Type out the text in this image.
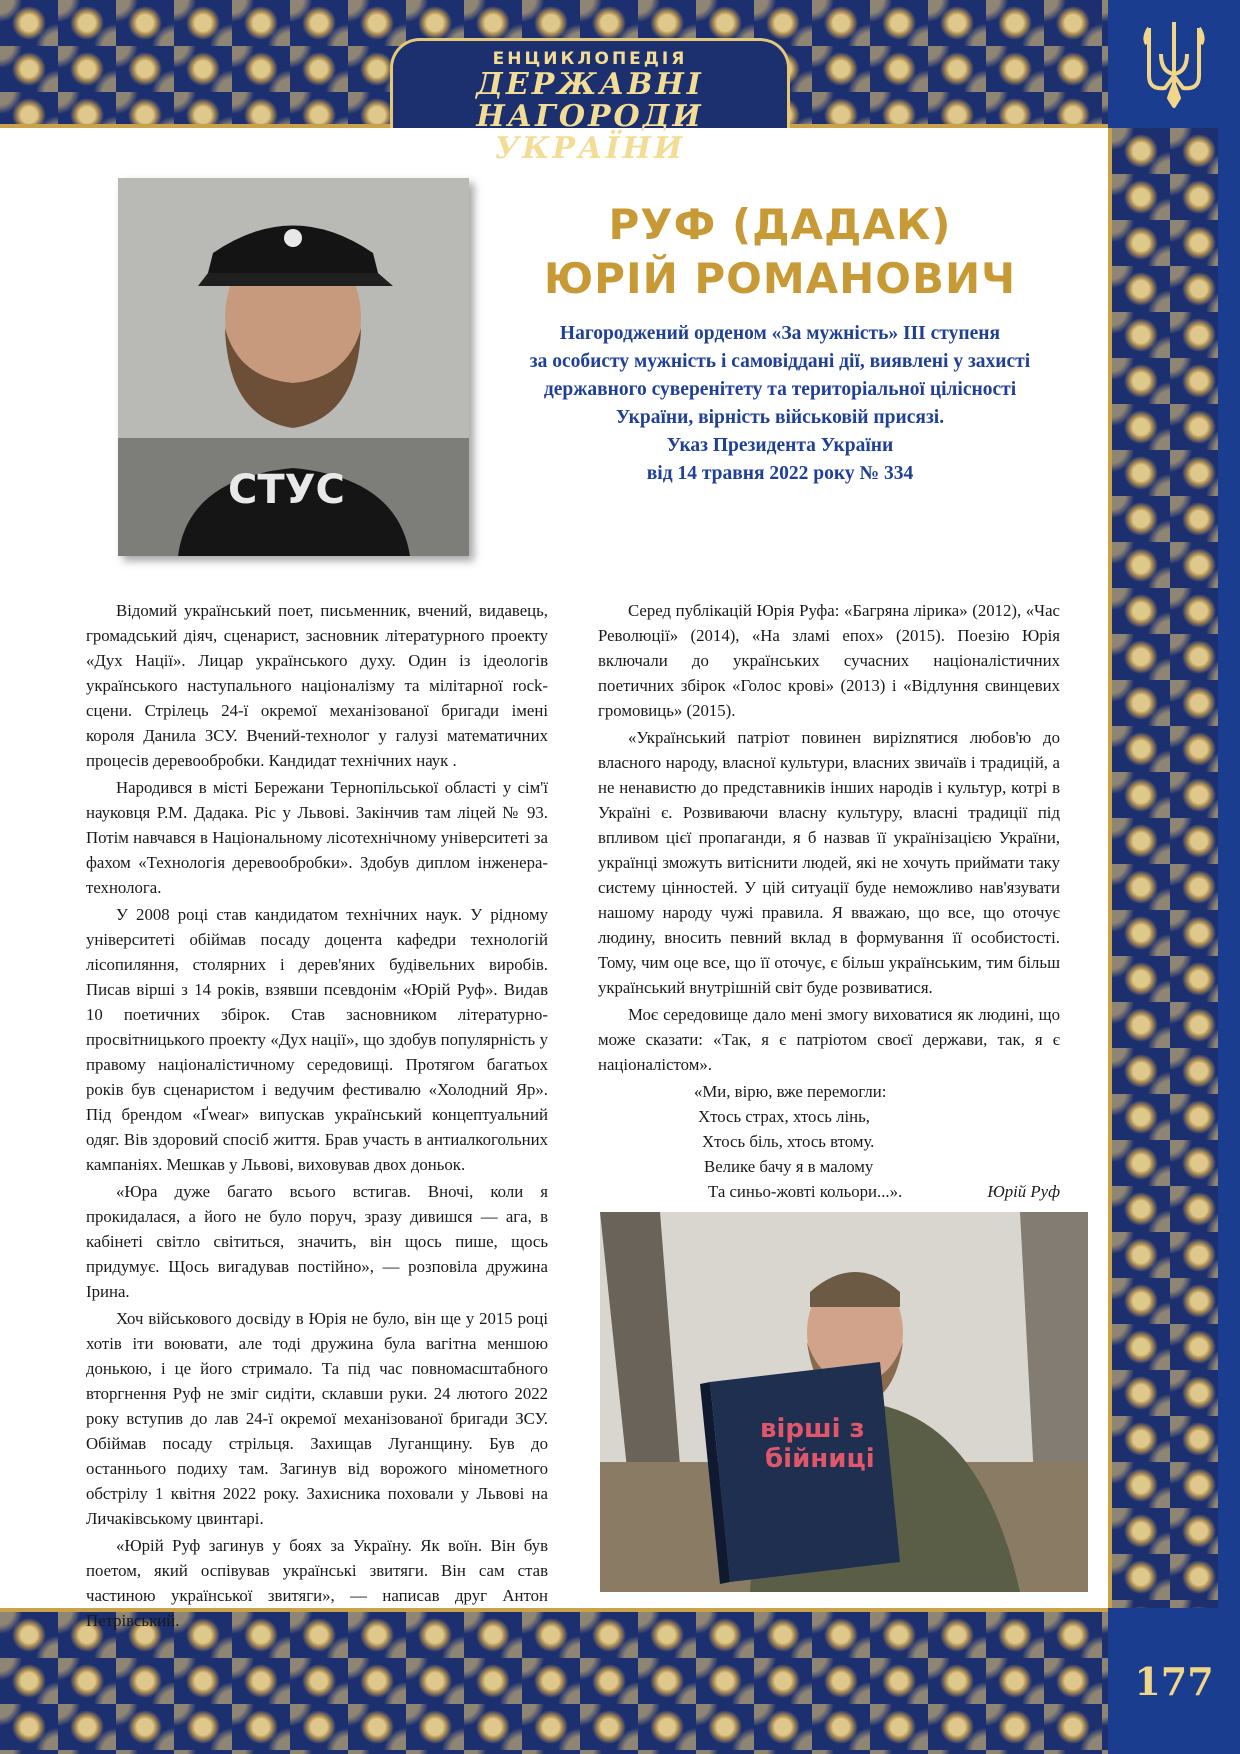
ЕНЦИКЛОПЕДІЯ
ДЕРЖАВНІ НАГОРОДИ
УКРАЇНИ
СТУС
РУФ (ДАДАК)
ЮРІЙ РОМАНОВИЧ
Нагороджений орденом «За мужність» ІІІ ступеня
за особисту мужність і самовіддані дії, виявлені у захисті
державного суверенітету та територіальної цілісності
України, вірність військовій присязі.
Указ Президента України
від 14 травня 2022 року № 334

Відомий український поет, письменник, вчений, видавець, громадський діяч, сценарист, засновник літературного проекту «Дух Нації». Лицар українського духу. Один із ідеологів українського наступального націоналізму та мілітарної rock-сцени. Стрілець 24-ї окремої механізованої бригади імені короля Данила ЗСУ. Вчений-технолог у галузі математичних процесів деревообробки. Кандидат технічних наук .

Народився в місті Бережани Тернопільської області у сім'ї науковця Р.М. Дадака. Ріс у Львові. Закінчив там ліцей № 93. Потім навчався в Національному лісотехнічному університеті за фахом «Технологія деревообробки». Здобув диплом інженера-технолога.

У 2008 році став кандидатом технічних наук. У рідному університеті обіймав посаду доцента кафедри технологій лісопиляння, столярних і дерев'яних будівельних виробів. Писав вірші з 14 років, взявши псевдонім «Юрій Руф». Видав 10 поетичних збірок. Став засновником літературно-просвітницького проекту «Дух нації», що здобув популярність у правому націоналістичному середовищі. Протягом багатьох років був сценаристом і ведучим фестивалю «Холодний Яр». Під брендом «Ґwear» випускав український концептуальний одяг. Вів здоровий спосіб життя. Брав участь в антиалкогольних кампаніях. Мешкав у Львові, виховував двох доньок.

«Юра дуже багато всього встигав. Вночі, коли я прокидалася, а його не було поруч, зразу дивишся — ага, в кабінеті світло світиться, значить, він щось пише, щось придумує. Щось вигадував постійно», — розповіла дружина Ірина.

Хоч військового досвіду в Юрія не було, він ще у 2015 році хотів іти воювати, але тоді дружина була вагітна меншою донькою, і це його стримало. Та під час повномасштабного вторгнення Руф не зміг сидіти, склавши руки. 24 лютого 2022 року вступив до лав 24-ї окремої механізованої бригади ЗСУ. Обіймав посаду стрільця. Захищав Луганщину. Був до останнього подиху там. Загинув від ворожого мінометного обстрілу 1 квітня 2022 року. Захисника поховали у Львові на Личаківському цвинтарі.

«Юрій Руф загинув у боях за Україну. Як воїн. Він був поетом, який оспівував українські звитяги. Він сам став частиною української звитяги», — написав друг Антон Петрівський.

Серед публікацій Юрія Руфа: «Багряна лірика» (2012), «Час Революції» (2014), «На зламі епох» (2015). Поезію Юрія включали до українських сучасних націоналістичних поетичних збірок «Голос крові» (2013) і «Відлуння свинцевих громовиць» (2015).

«Український патріот повинен виріznятися любов'ю до власного народу, власної культури, власних звичаїв і традицій, а не ненавистю до представників інших народів і культур, котрі в Україні є. Розвиваючи власну культуру, власні традиції під впливом цієї пропаганди, я б назвав її українізацією України, українці зможуть витіснити людей, які не хочуть приймати таку систему цінностей. У цій ситуації буде неможливо нав'язувати нашому народу чужі правила. Я вважаю, що все, що оточує людину, вносить певний вклад в формування її особистості. Тому, чим оце все, що її оточує, є більш українським, тим більш український внутрішній світ буде розвиватися.

Моє середовище дало мені змогу виховатися як людині, що може сказати: «Так, я є патріотом своєї держави, так, я є націоналістом».

«Ми, вірю, вже перемогли:
Хтось страх, хтось лінь,
Хтось біль, хтось втому.
Велике бачу я в малому
Та синьо-жовті кольори...».	Юрій Руф
вірші з
бійниці
177
